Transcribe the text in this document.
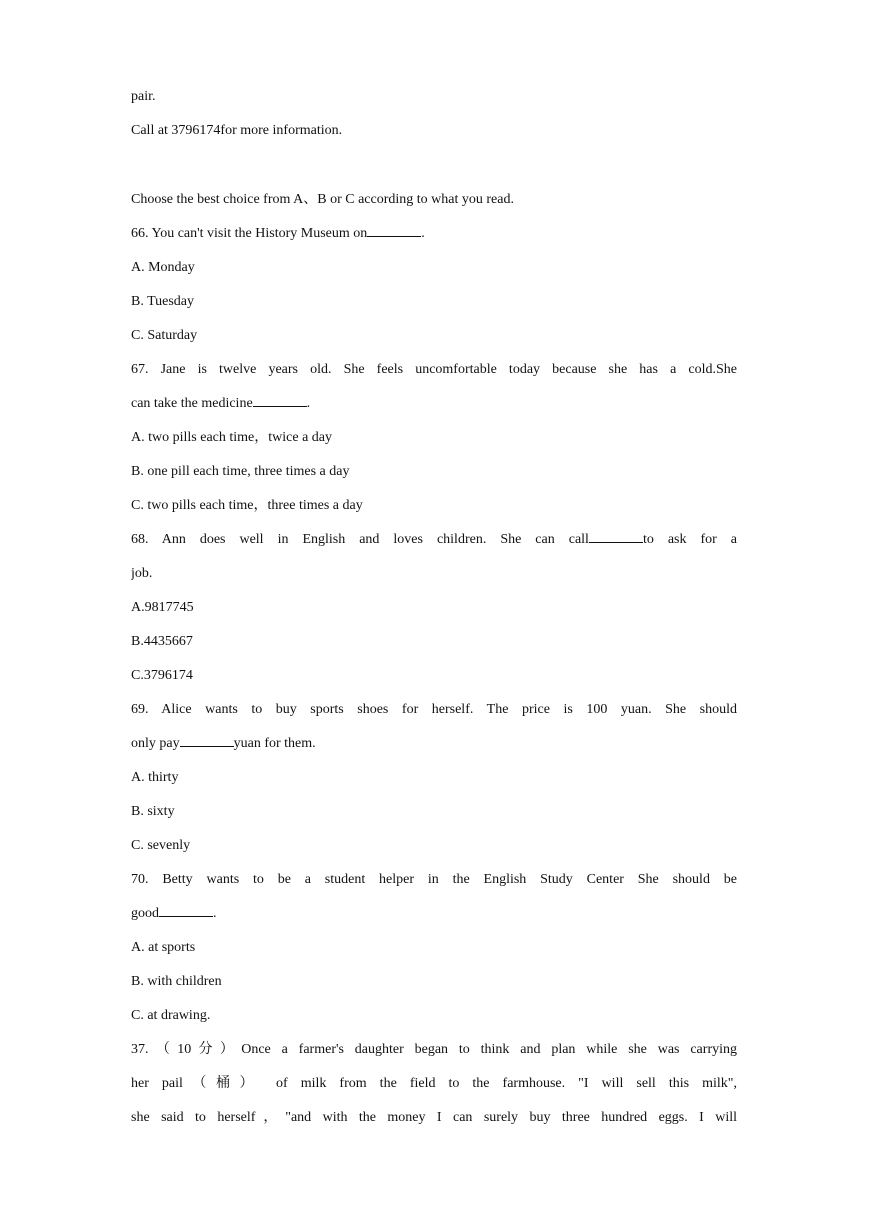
pair.
Call at 3796174for more information.
Choose the best choice from A、B or C according to what you read.
66. You can't visit the History Museum on	.
A. Monday
B. Tuesday
C. Saturday
67. Jane is twelve years old. She feels uncomfortable today because she has a cold.She
can take the medicine	.
A. two pills each time，twice a day
B. one pill each time, three times a day
C. two pills each time，three times a day
68. Ann does well in English and loves children. She can call	to ask for a
job.
A.9817745
B.4435667
C.3796174
69. Alice wants to buy sports shoes for herself. The price is 100 yuan. She should
only pay	yuan for them.
A. thirty
B. sixty
C. sevenly
70. Betty wants to be a student helper in the English Study Center She should be
good	.
A. at sports
B. with children
C. at drawing.
37.（10分）Once a farmer's daughter began to think and plan while she was carrying
her pail（桶） of milk from the field to the farmhouse. "I will sell this milk",
she said to herself，"and with the money I can surely buy three hundred eggs. I will
